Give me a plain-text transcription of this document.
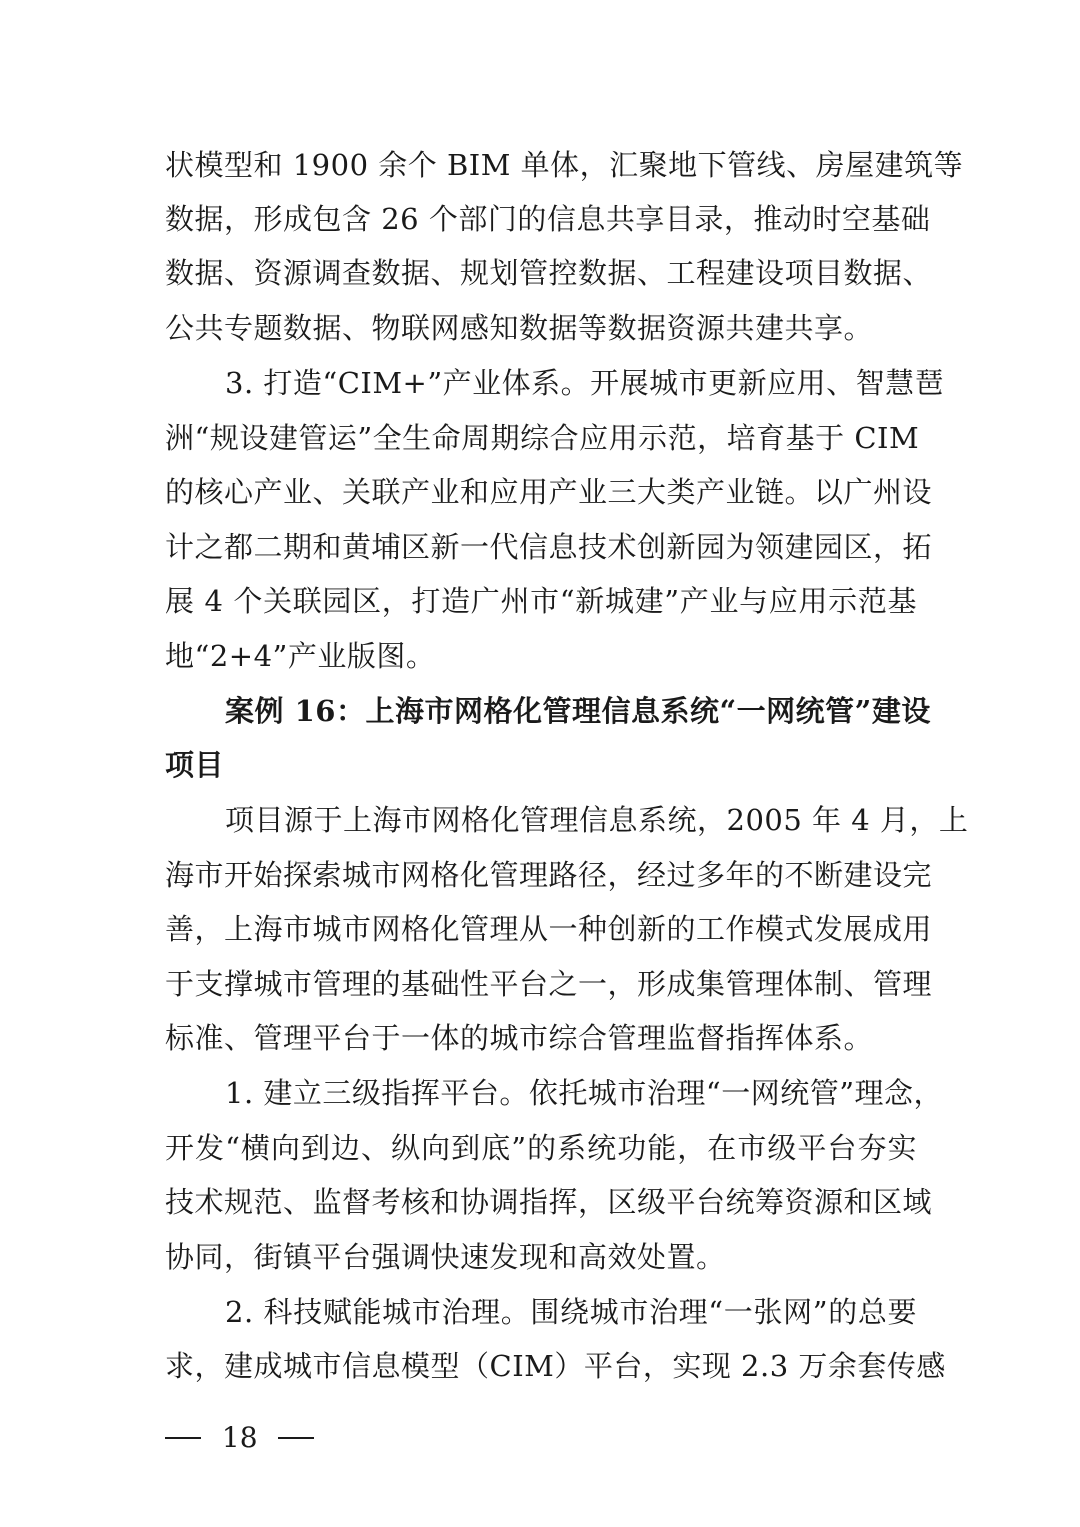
状模型和 1900 余个 BIM 单体，汇聚地下管线、房屋建筑等
数据，形成包含 26 个部门的信息共享目录，推动时空基础
数据、资源调查数据、规划管控数据、工程建设项目数据、
公共专题数据、物联网感知数据等数据资源共建共享。
3. 打造“CIM+”产业体系。开展城市更新应用、智慧琶
洲“规设建管运”全生命周期综合应用示范，培育基于 CIM
的核心产业、关联产业和应用产业三大类产业链。以广州设
计之都二期和黄埔区新一代信息技术创新园为领建园区，拓
展 4 个关联园区，打造广州市“新城建”产业与应用示范基
地“2+4”产业版图。
案例 16：上海市网格化管理信息系统“一网统管”建设
项目
项目源于上海市网格化管理信息系统，2005 年 4 月，上
海市开始探索城市网格化管理路径，经过多年的不断建设完
善，上海市城市网格化管理从一种创新的工作模式发展成用
于支撑城市管理的基础性平台之一，形成集管理体制、管理
标准、管理平台于一体的城市综合管理监督指挥体系。
1. 建立三级指挥平台。依托城市治理“一网统管”理念，
开发“横向到边、纵向到底”的系统功能，在市级平台夯实
技术规范、监督考核和协调指挥，区级平台统筹资源和区域
协同，街镇平台强调快速发现和高效处置。
2. 科技赋能城市治理。围绕城市治理“一张网”的总要
求，建成城市信息模型（CIM）平台，实现 2.3 万余套传感
18
